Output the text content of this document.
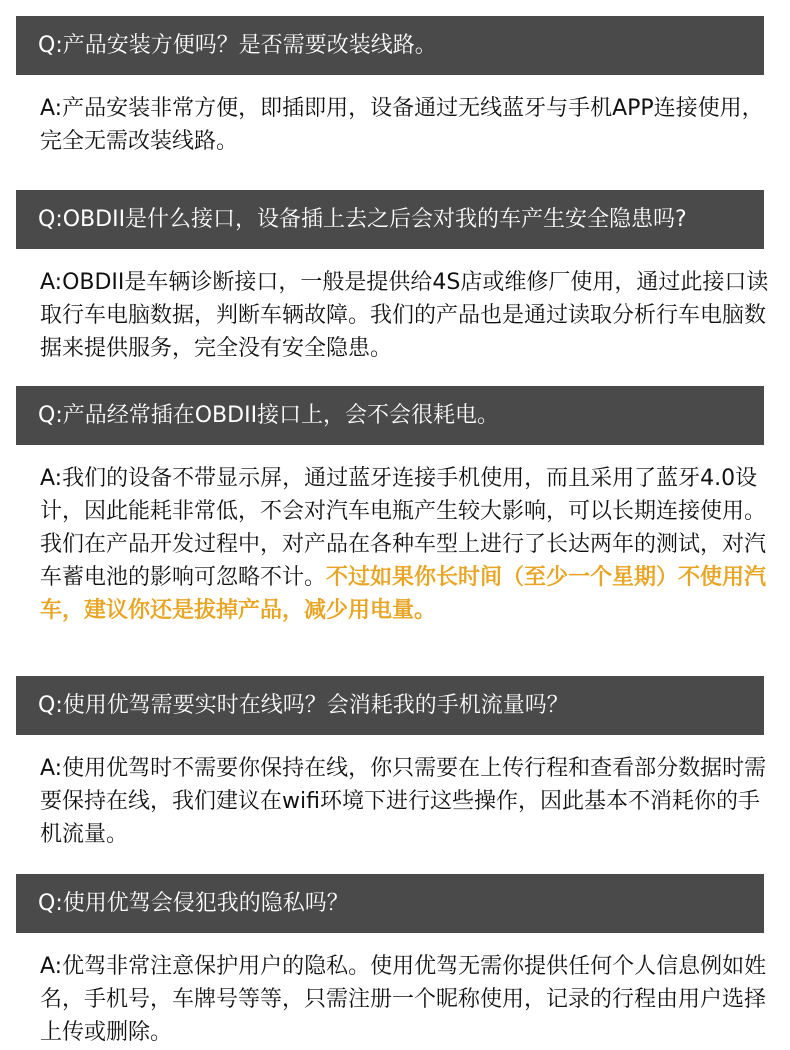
Q:产品安装方便吗？是否需要改装线路。
A:产品安装非常方便，即插即用，设备通过无线蓝牙与手机APP连接使用，完全无需改装线路。
Q:OBDII是什么接口，设备插上去之后会对我的车产生安全隐患吗?
A:OBDII是车辆诊断接口，一般是提供给4S店或维修厂使用，通过此接口读取行车电脑数据，判断车辆故障。我们的产品也是通过读取分析行车电脑数据来提供服务，完全没有安全隐患。
Q:产品经常插在OBDII接口上，会不会很耗电。
A:我们的设备不带显示屏，通过蓝牙连接手机使用，而且采用了蓝牙4.0设计，因此能耗非常低，不会对汽车电瓶产生较大影响，可以长期连接使用。我们在产品开发过程中，对产品在各种车型上进行了长达两年的测试，对汽车蓄电池的影响可忽略不计。不过如果你长时间（至少一个星期）不使用汽车，建议你还是拔掉产品，减少用电量。
Q:使用优驾需要实时在线吗？会消耗我的手机流量吗？
A:使用优驾时不需要你保持在线，你只需要在上传行程和查看部分数据时需要保持在线，我们建议在wifi环境下进行这些操作，因此基本不消耗你的手机流量。
Q:使用优驾会侵犯我的隐私吗？
A:优驾非常注意保护用户的隐私。使用优驾无需你提供任何个人信息例如姓名，手机号，车牌号等等，只需注册一个昵称使用，记录的行程由用户选择上传或删除。
